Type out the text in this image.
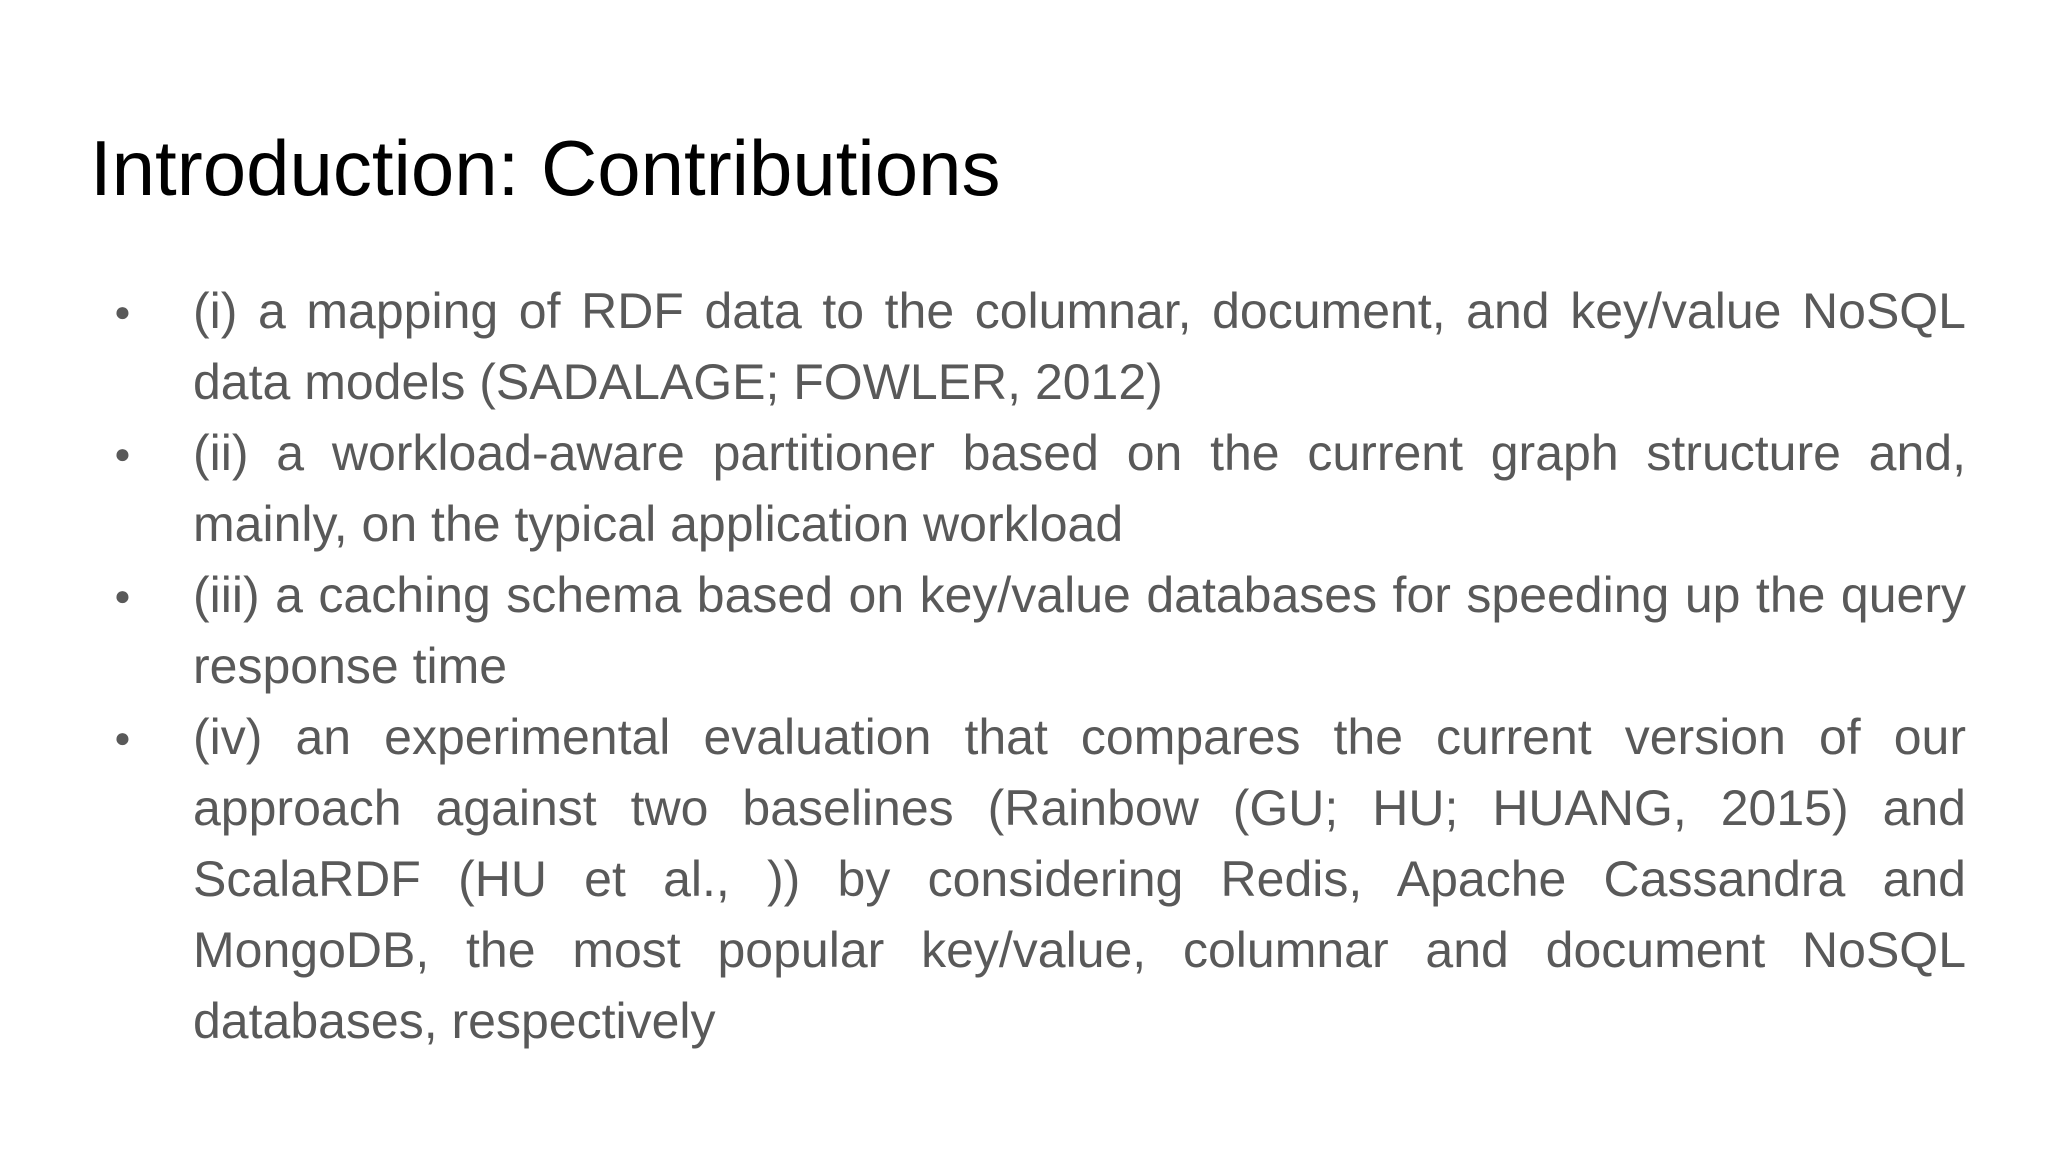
Introduction: Contributions
● (i) a mapping of RDF data to the columnar, document, and key/value NoSQL data models (SADALAGE; FOWLER, 2012)
● (ii) a workload-aware partitioner based on the current graph structure and, mainly, on the typical application workload
● (iii) a caching schema based on key/value databases for speeding up the query response time
● (iv) an experimental evaluation that compares the current version of our approach against two baselines (Rainbow (GU; HU; HUANG, 2015) and ScalaRDF (HU et al., )) by considering Redis, Apache Cassandra and MongoDB, the most popular key/value, columnar and document NoSQL databases, respectively
